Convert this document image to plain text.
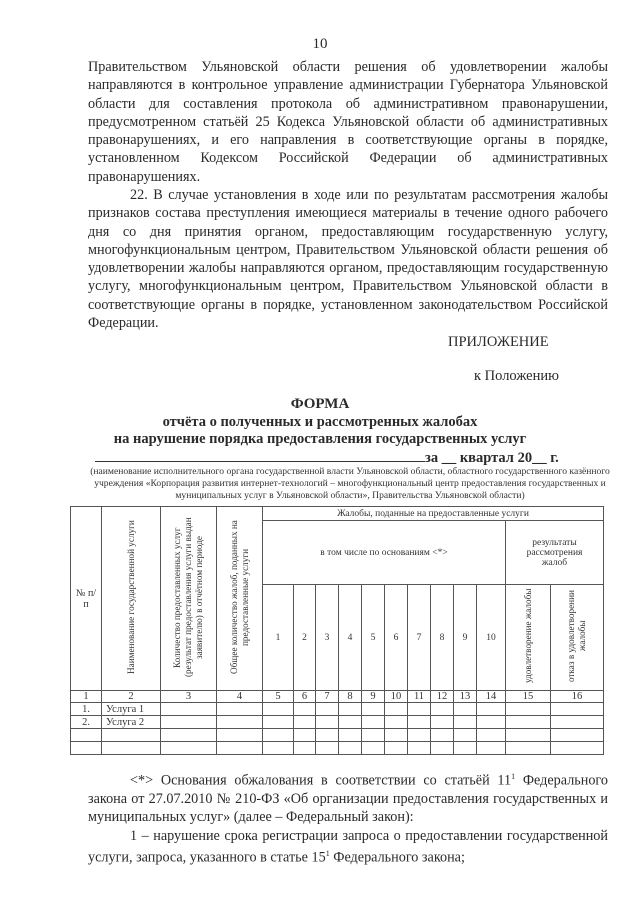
10

Правительством Ульяновской области решения об удовлетворении жалобы направляются в контрольное управление администрации Губернатора Ульяновской области для составления протокола об административном правонарушении, предусмотренном статьёй 25 Кодекса Ульяновской области об административных правонарушениях, и его направления в соответствующие органы в порядке, установленном Кодексом Российской Федерации об административных правонарушениях.

22. В случае установления в ходе или по результатам рассмотрения жалобы признаков состава преступления имеющиеся материалы в течение одного рабочего дня со дня принятия органом, предоставляющим государственную услугу, многофункциональным центром, Правительством Ульяновской области решения об удовлетворении жалобы направляются органом, предоставляющим государственную услугу, многофункциональным центром, Правительством Ульяновской области в соответствующие органы в порядке, установленном законодательством Российской Федерации.

ПРИЛОЖЕНИЕ
к Положению
ФОРМА
отчёта о полученных и рассмотренных жалобах
на нарушение порядка предоставления государственных услуг
за __ квартал 20__ г.
(наименование исполнительного органа государственной власти Ульяновской области, областного государственного казённого учреждения «Корпорация развития интернет-технологий – многофункциональный центр предоставления государственных и муниципальных услуг в Ульяновской области», Правительства Ульяновской области)
№ п/п	Наименование государственной услуги	Количество предоставленных услуг (результат предоставления услуги выдан заявителю) в отчётном периоде	Общее количество жалоб, поданных на предоставленные услуги	Жалобы, поданные на предоставленные услуги											
				в том числе по основаниям <*>										результаты рассмотрения жалоб	
				1	2	3	4	5	6	7	8	9	10	удовлетворение жалобы	отказ в удовлетворении жалобы
1	2	3	4	5	6	7	8	9	10	11	12	13	14	15	16
1.	Услуга 1														
2.	Услуга 2														

<*> Основания обжалования в соответствии со статьёй $11^1$ Федерального закона от 27.07.2010 № 210-ФЗ «Об организации предоставления государственных и муниципальных услуг» (далее – Федеральный закон):

1 – нарушение срока регистрации запроса о предоставлении государственной услуги, запроса, указанного в статье $15^1$ Федерального закона;
